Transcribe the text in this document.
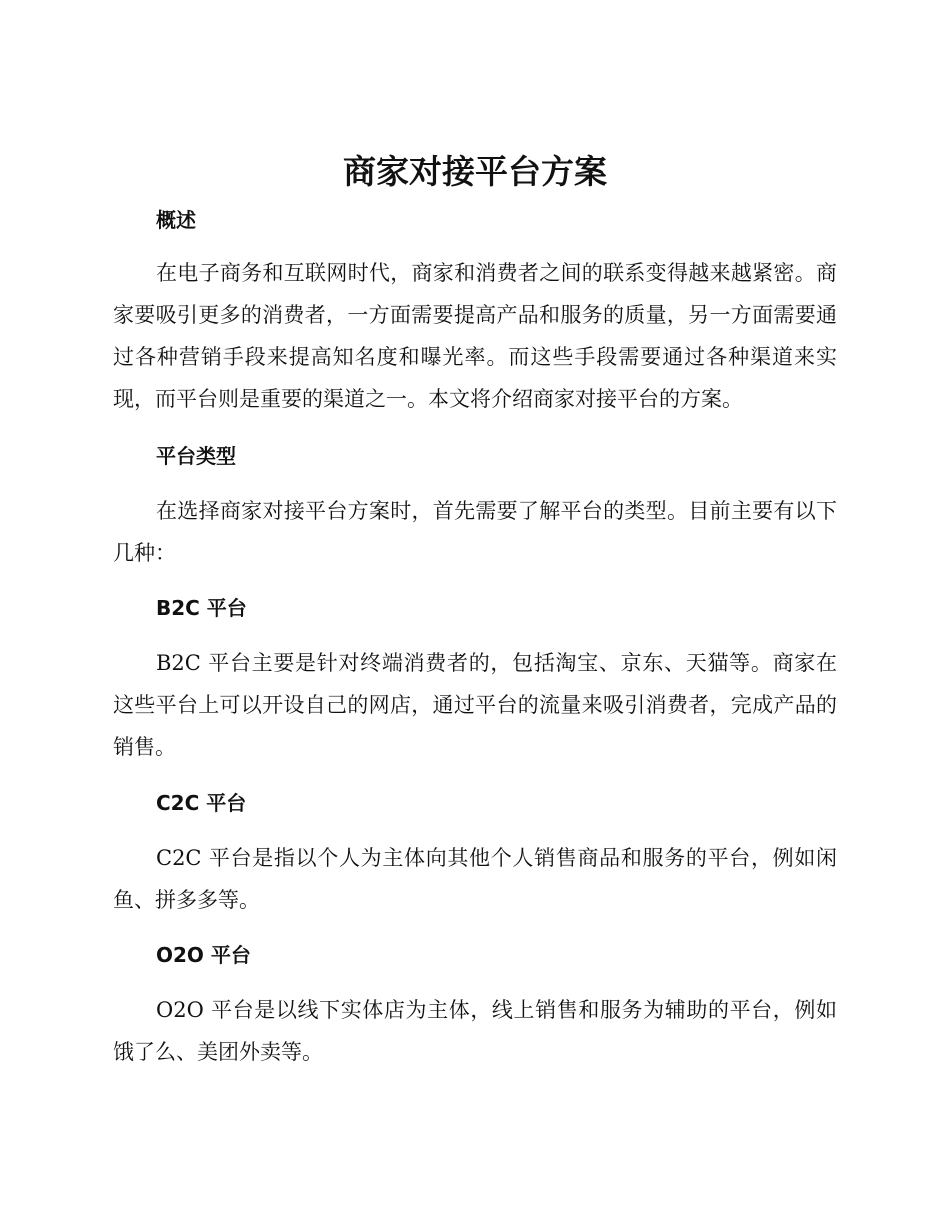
商家对接平台方案
概述

在电子商务和互联网时代，商家和消费者之间的联系变得越来越紧密。商家要吸引更多的消费者，一方面需要提高产品和服务的质量，另一方面需要通过各种营销手段来提高知名度和曝光率。而这些手段需要通过各种渠道来实现，而平台则是重要的渠道之一。本文将介绍商家对接平台的方案。

平台类型

在选择商家对接平台方案时，首先需要了解平台的类型。目前主要有以下几种：

B2C 平台

B2C 平台主要是针对终端消费者的，包括淘宝、京东、天猫等。商家在这些平台上可以开设自己的网店，通过平台的流量来吸引消费者，完成产品的销售。

C2C 平台

C2C 平台是指以个人为主体向其他个人销售商品和服务的平台，例如闲鱼、拼多多等。

O2O 平台

O2O 平台是以线下实体店为主体，线上销售和服务为辅助的平台，例如饿了么、美团外卖等。
